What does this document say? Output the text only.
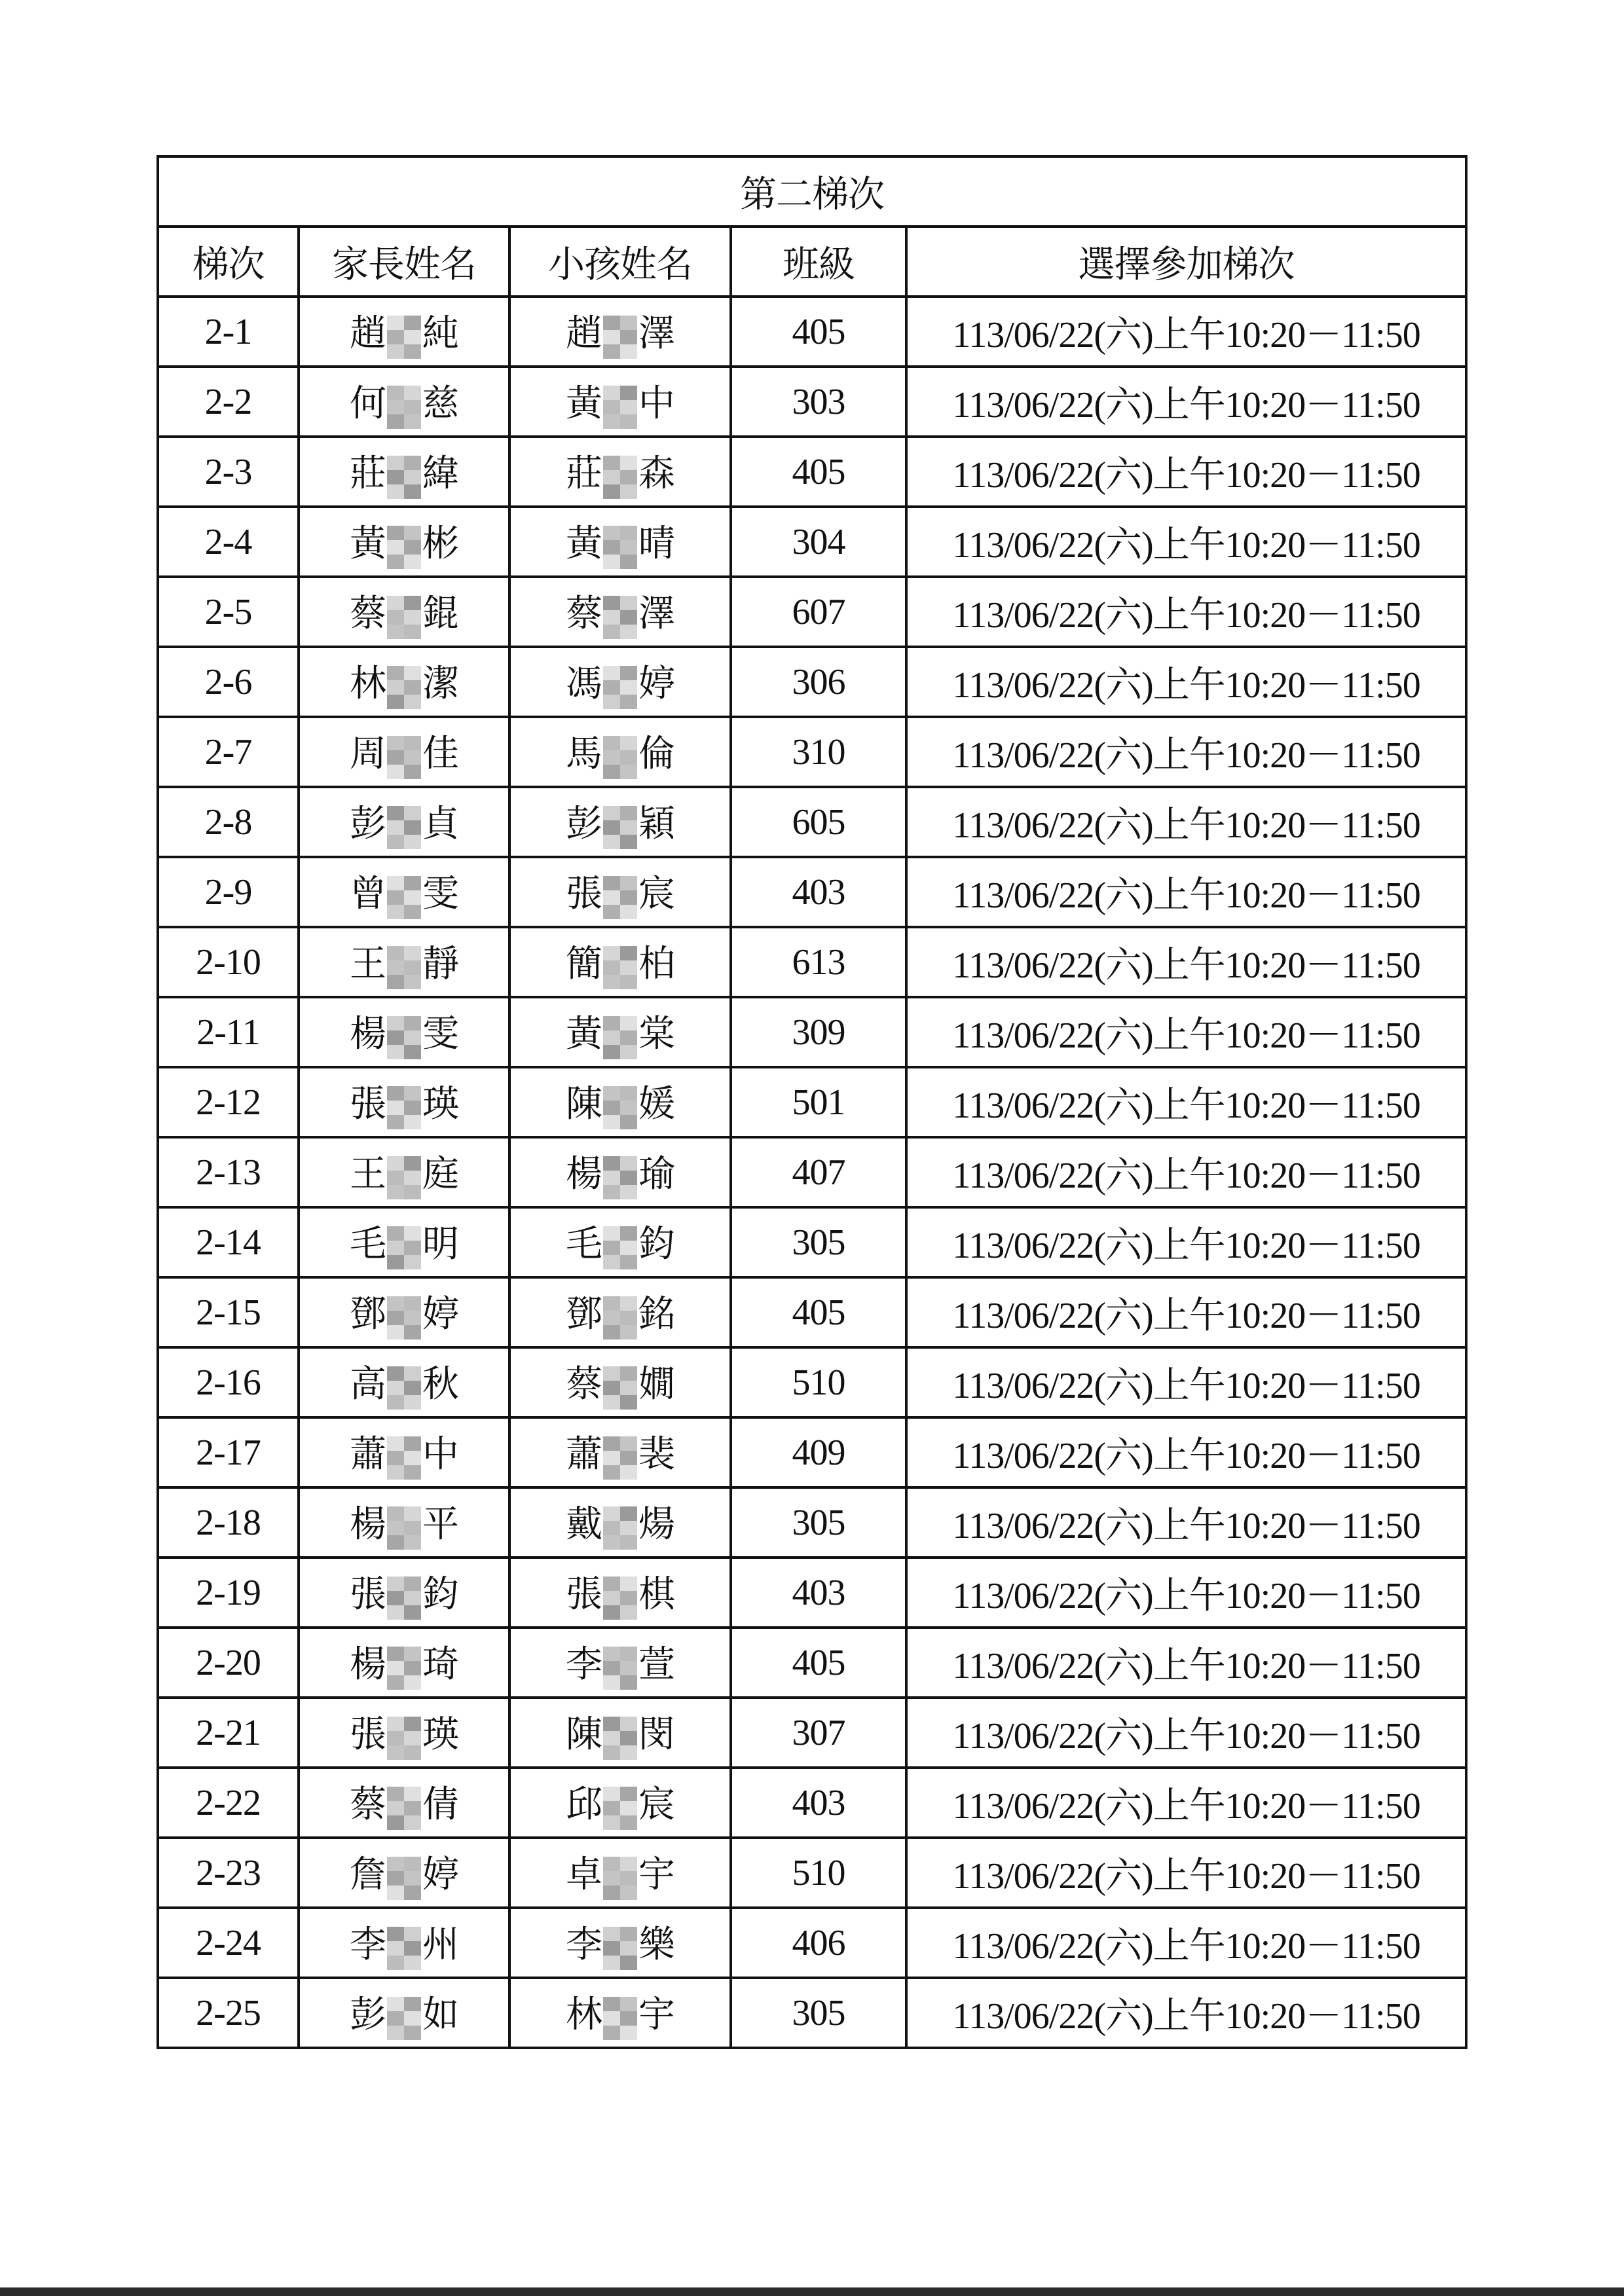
第二梯次				
梯次	家長姓名	小孩姓名	班級	選擇參加梯次
2-1	趙 純	趙 澤	405	113/06/22(六)上午10:20－11:50
2-2	何 慈	黃 中	303	113/06/22(六)上午10:20－11:50
2-3	莊 緯	莊 森	405	113/06/22(六)上午10:20－11:50
2-4	黃 彬	黃 晴	304	113/06/22(六)上午10:20－11:50
2-5	蔡 錕	蔡 澤	607	113/06/22(六)上午10:20－11:50
2-6	林 潔	馮 婷	306	113/06/22(六)上午10:20－11:50
2-7	周 佳	馬 倫	310	113/06/22(六)上午10:20－11:50
2-8	彭 貞	彭 穎	605	113/06/22(六)上午10:20－11:50
2-9	曾 雯	張 宸	403	113/06/22(六)上午10:20－11:50
2-10	王 靜	簡 柏	613	113/06/22(六)上午10:20－11:50
2-11	楊 雯	黃 棠	309	113/06/22(六)上午10:20－11:50
2-12	張 瑛	陳 媛	501	113/06/22(六)上午10:20－11:50
2-13	王 庭	楊 瑜	407	113/06/22(六)上午10:20－11:50
2-14	毛 明	毛 鈞	305	113/06/22(六)上午10:20－11:50
2-15	鄧 婷	鄧 銘	405	113/06/22(六)上午10:20－11:50
2-16	高 秋	蔡 嫺	510	113/06/22(六)上午10:20－11:50
2-17	蕭 中	蕭 裴	409	113/06/22(六)上午10:20－11:50
2-18	楊 平	戴 煬	305	113/06/22(六)上午10:20－11:50
2-19	張 鈞	張 棋	403	113/06/22(六)上午10:20－11:50
2-20	楊 琦	李 萱	405	113/06/22(六)上午10:20－11:50
2-21	張 瑛	陳 閔	307	113/06/22(六)上午10:20－11:50
2-22	蔡 倩	邱 宸	403	113/06/22(六)上午10:20－11:50
2-23	詹 婷	卓 宇	510	113/06/22(六)上午10:20－11:50
2-24	李 州	李 樂	406	113/06/22(六)上午10:20－11:50
2-25	彭 如	林 宇	305	113/06/22(六)上午10:20－11:50
